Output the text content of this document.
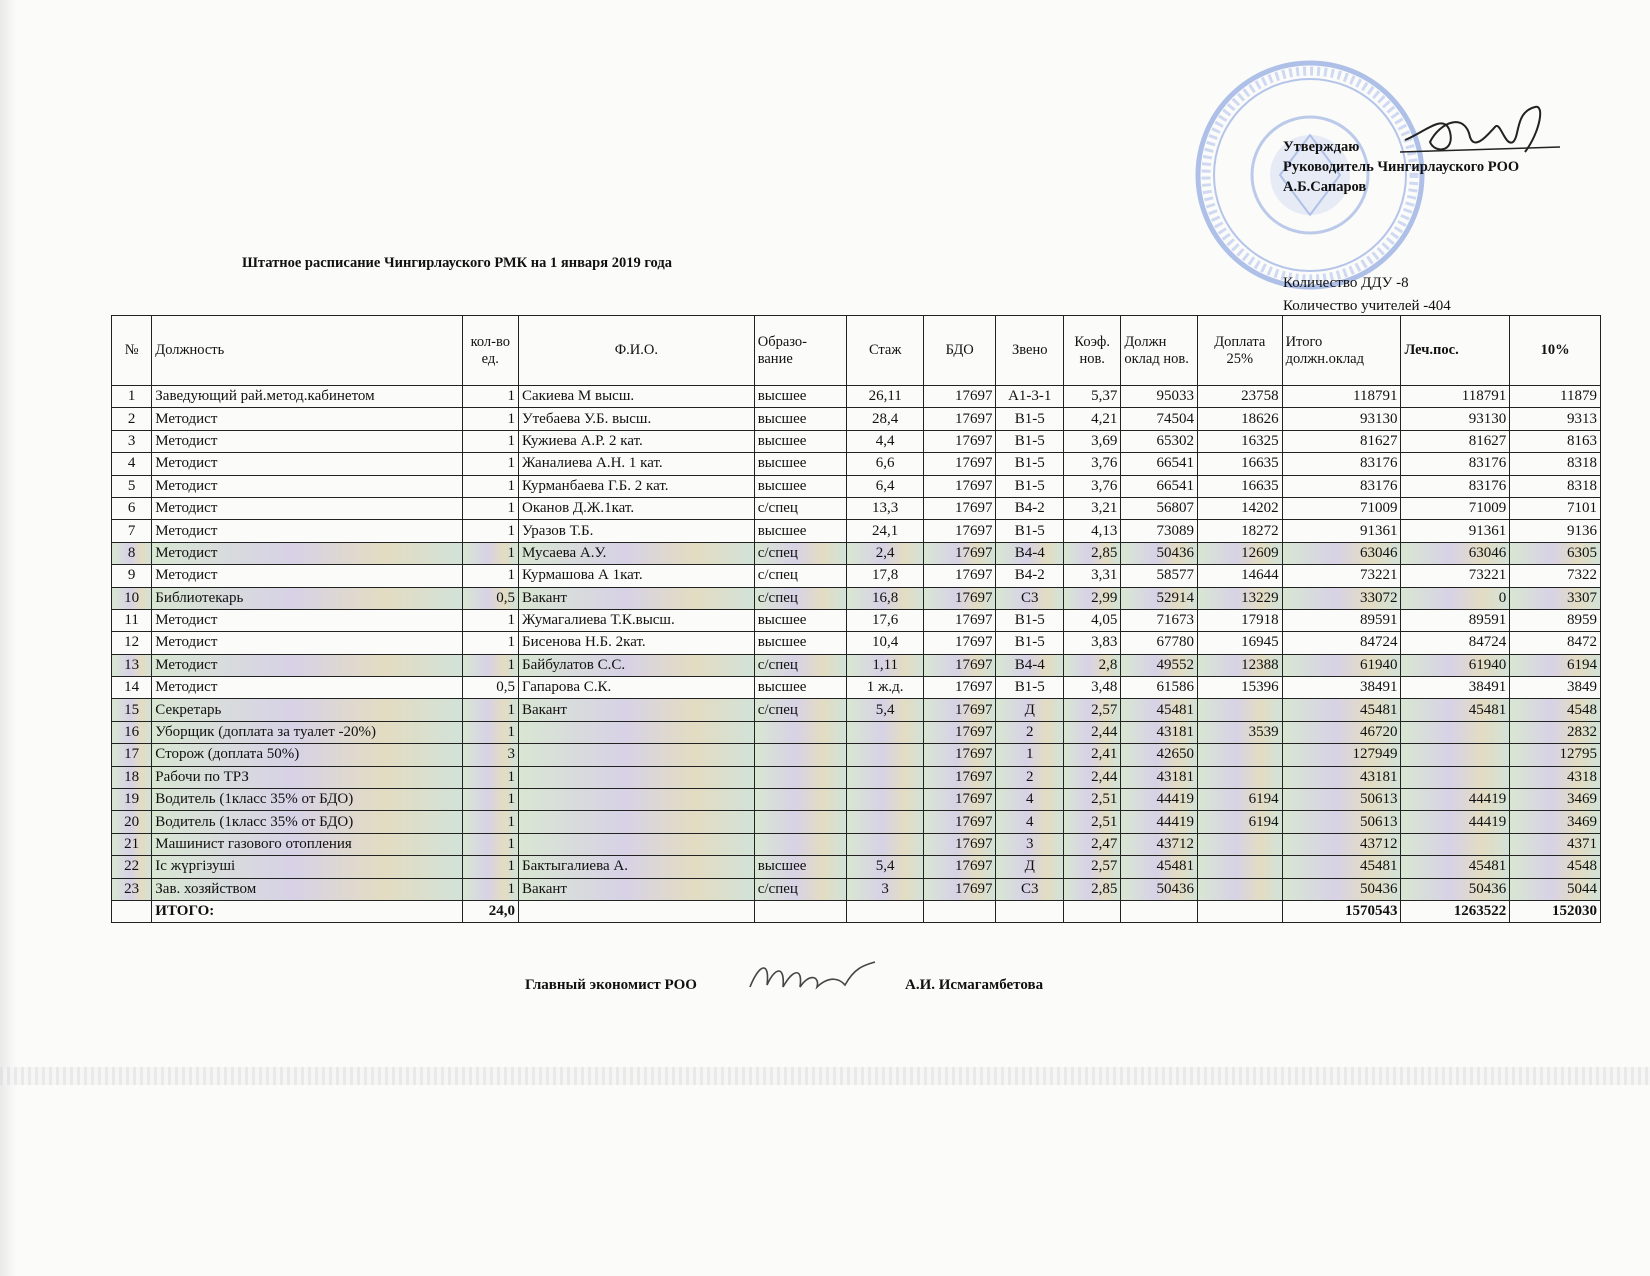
Утверждаю
Руководитель Чингирлауского РОО
А.Б.Сапаров
Штатное расписание Чингирлауского РМК на 1 января 2019 года
Количество ДДУ -8
Количество учителей -404
№	Должность	кол-во ед.	Ф.И.О.	Образо- вание	Стаж	БДО	Звено	Коэф. нов.	Должн оклад нов.	Доплата 25%	Итого должн.оклад	Леч.пос.	10%
1	Заведующий рай.метод.кабинетом	1	Сакиева М высш.	высшее	26,11	17697	А1-3-1	5,37	95033	23758	118791	118791	11879
2	Методист	1	Утебаева У.Б. высш.	высшее	28,4	17697	В1-5	4,21	74504	18626	93130	93130	9313
3	Методист	1	Кужиева А.Р. 2 кат.	высшее	4,4	17697	В1-5	3,69	65302	16325	81627	81627	8163
4	Методист	1	Жаналиева А.Н. 1 кат.	высшее	6,6	17697	В1-5	3,76	66541	16635	83176	83176	8318
5	Методист	1	Курманбаева Г.Б. 2 кат.	высшее	6,4	17697	В1-5	3,76	66541	16635	83176	83176	8318
6	Методист	1	Оканов Д.Ж.1кат.	с/спец	13,3	17697	В4-2	3,21	56807	14202	71009	71009	7101
7	Методист	1	Уразов Т.Б.	высшее	24,1	17697	В1-5	4,13	73089	18272	91361	91361	9136
8	Методист	1	Мусаева А.У.	с/спец	2,4	17697	В4-4	2,85	50436	12609	63046	63046	6305
9	Методист	1	Курмашова А 1кат.	с/спец	17,8	17697	В4-2	3,31	58577	14644	73221	73221	7322
10	Библиотекарь	0,5	Вакант	с/спец	16,8	17697	С3	2,99	52914	13229	33072	0	3307
11	Методист	1	Жумагалиева Т.К.высш.	высшее	17,6	17697	В1-5	4,05	71673	17918	89591	89591	8959
12	Методист	1	Бисенова Н.Б. 2кат.	высшее	10,4	17697	В1-5	3,83	67780	16945	84724	84724	8472
13	Методист	1	Байбулатов С.С.	с/спец	1,11	17697	В4-4	2,8	49552	12388	61940	61940	6194
14	Методист	0,5	Гапарова С.К.	высшее	1 ж.д.	17697	В1-5	3,48	61586	15396	38491	38491	3849
15	Секретарь	1	Вакант	с/спец	5,4	17697	Д	2,57	45481		45481	45481	4548
16	Уборщик (доплата за туалет -20%)	1				17697	2	2,44	43181	3539	46720		2832
17	Сторож (доплата 50%)	3				17697	1	2,41	42650		127949		12795
18	Рабочи по ТРЗ	1				17697	2	2,44	43181		43181		4318
19	Водитель (1класс 35% от БДО)	1				17697	4	2,51	44419	6194	50613	44419	3469
20	Водитель (1класс 35% от БДО)	1				17697	4	2,51	44419	6194	50613	44419	3469
21	Машинист газового отопления	1				17697	3	2,47	43712		43712		4371
22	Іс жүргізуші	1	Бактыгалиева А.	высшее	5,4	17697	Д	2,57	45481		45481	45481	4548
23	Зав. хозяйством	1	Вакант	с/спец	3	17697	С3	2,85	50436		50436	50436	5044
	ИТОГО:	24,0									1570543	1263522	152030
Главный экономист РОО	А.И. Исмагамбетова
